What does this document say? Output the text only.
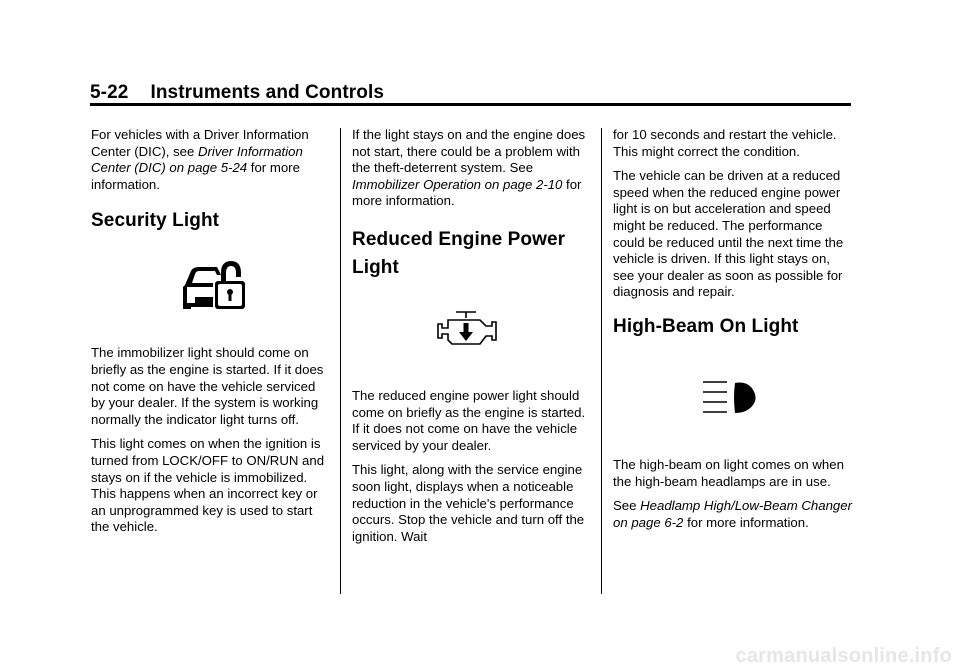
5-22 Instruments and Controls

For vehicles with a Driver Information Center (DIC), see Driver Information Center (DIC) on page 5-24 for more information.

Security Light

The immobilizer light should come on briefly as the engine is started. If it does not come on have the vehicle serviced by your dealer. If the system is working normally the indicator light turns off.

This light comes on when the ignition is turned from LOCK/OFF to ON/RUN and stays on if the vehicle is immobilized. This happens when an incorrect key or an unprogrammed key is used to start the vehicle.

If the light stays on and the engine does not start, there could be a problem with the theft-deterrent system. See Immobilizer Operation on page 2-10 for more information.

Reduced Engine Power Light

The reduced engine power light should come on briefly as the engine is started. If it does not come on have the vehicle serviced by your dealer.

This light, along with the service engine soon light, displays when a noticeable reduction in the vehicle's performance occurs. Stop the vehicle and turn off the ignition. Wait

for 10 seconds and restart the vehicle. This might correct the condition.

The vehicle can be driven at a reduced speed when the reduced engine power light is on but acceleration and speed might be reduced. The performance could be reduced until the next time the vehicle is driven. If this light stays on, see your dealer as soon as possible for diagnosis and repair.

High-Beam On Light

The high-beam on light comes on when the high-beam headlamps are in use.

See Headlamp High/Low-Beam Changer on page 6-2 for more information.

carmanualsonline.info
